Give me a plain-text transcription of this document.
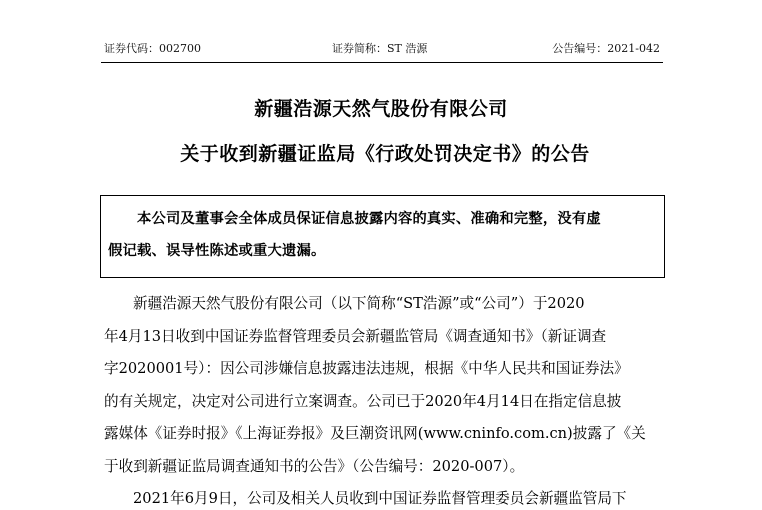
证券代码：002700	证券简称：ST 浩源	公告编号：2021-042
新疆浩源天然气股份有限公司
关于收到新疆证监局《行政处罚决定书》的公告
本公司及董事会全体成员保证信息披露内容的真实、准确和完整，没有虚
假记载、误导性陈述或重大遗漏。
新疆浩源天然气股份有限公司（以下简称“ST浩源”或“公司”）于2020
年4月13日收到中国证券监督管理委员会新疆监管局《调查通知书》（新证调查
字2020001号）：因公司涉嫌信息披露违法违规，根据《中华人民共和国证券法》
的有关规定，决定对公司进行立案调查。公司已于2020年4月14日在指定信息披
露媒体《证券时报》《上海证券报》及巨潮资讯网(www.cninfo.com.cn)披露了《关
于收到新疆证监局调查通知书的公告》（公告编号：2020-007）。
2021年6月9日，公司及相关人员收到中国证券监督管理委员会新疆监管局下
